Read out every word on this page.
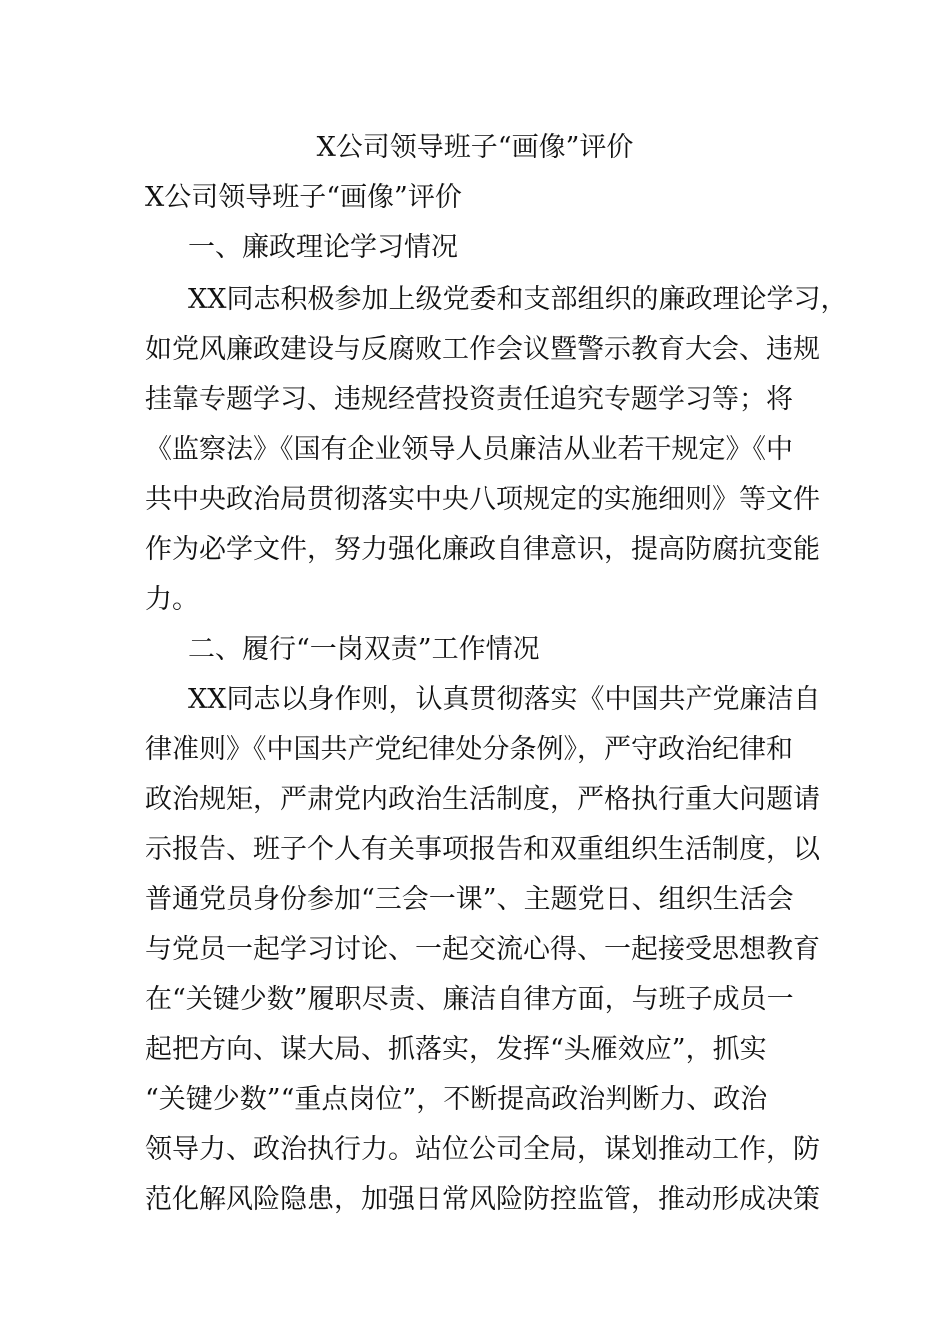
X公司领导班子“画像”评价
X公司领导班子“画像”评价
一、廉政理论学习情况
XX同志积极参加上级党委和支部组织的廉政理论学习，
如党风廉政建设与反腐败工作会议暨警示教育大会、违规
挂靠专题学习、违规经营投资责任追究专题学习等；将
《监察法》《国有企业领导人员廉洁从业若干规定》《中
共中央政治局贯彻落实中央八项规定的实施细则》等文件
作为必学文件，努力强化廉政自律意识，提高防腐抗变能
力。
二、履行“一岗双责”工作情况
XX同志以身作则，认真贯彻落实《中国共产党廉洁自
律准则》《中国共产党纪律处分条例》，严守政治纪律和
政治规矩，严肃党内政治生活制度，严格执行重大问题请
示报告、班子个人有关事项报告和双重组织生活制度，以
普通党员身份参加“三会一课”、主题党日、组织生活会
与党员一起学习讨论、一起交流心得、一起接受思想教育
在“关键少数”履职尽责、廉洁自律方面，与班子成员一
起把方向、谋大局、抓落实，发挥“头雁效应”，抓实
“关键少数”“重点岗位”，不断提高政治判断力、政治
领导力、政治执行力。站位公司全局，谋划推动工作，防
范化解风险隐患，加强日常风险防控监管，推动形成决策
